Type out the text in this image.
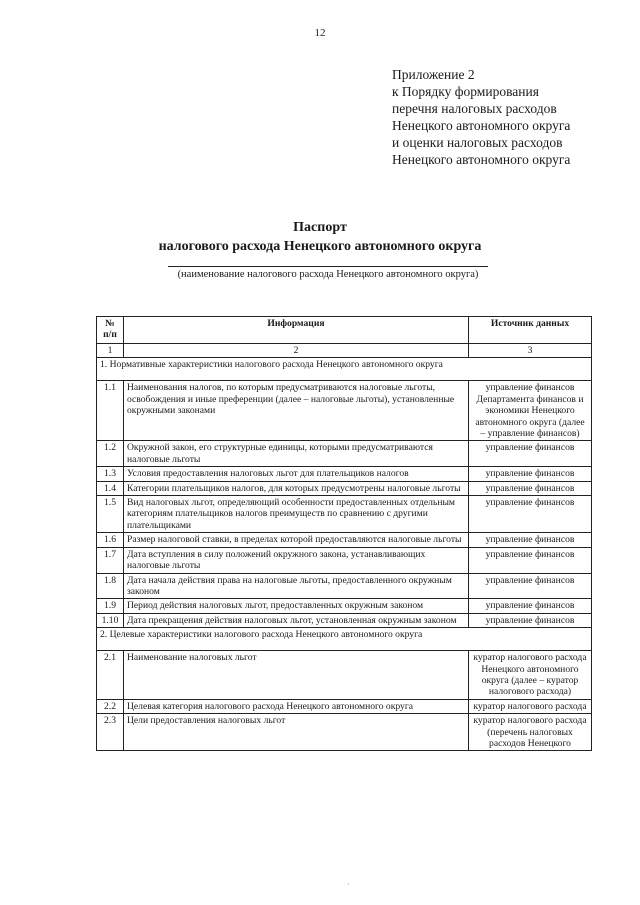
12
Приложение 2
к Порядку формирования
перечня налоговых расходов
Ненецкого автономного округа
и оценки налоговых расходов
Ненецкого автономного округа
Паспорт
налогового расхода Ненецкого автономного округа
(наименование налогового расхода Ненецкого автономного округа)
№
п/п	Информация	Источник данных
1	2	3
1. Нормативные характеристики налогового расхода Ненецкого автономного округа		
1.1	Наименования налогов, по которым предусматриваются налоговые льготы, освобождения и иные преференции (далее – налоговые льготы), установленные окружными законами	управление финансов Департамента финансов и экономики Ненецкого автономного округа (далее – управление финансов)
1.2	Окружной закон, его структурные единицы, которыми предусматриваются налоговые льготы	управление финансов
1.3	Условия предоставления налоговых льгот для плательщиков налогов	управление финансов
1.4	Категории плательщиков налогов, для которых предусмотрены налоговые льготы	управление финансов
1.5	Вид налоговых льгот, определяющий особенности предоставленных отдельным категориям плательщиков налогов преимуществ по сравнению с другими плательщиками	управление финансов
1.6	Размер налоговой ставки, в пределах которой предоставляются налоговые льготы	управление финансов
1.7	Дата вступления в силу положений окружного закона, устанавливающих налоговые льготы	управление финансов
1.8	Дата начала действия права на налоговые льготы, предоставленного окружным законом	управление финансов
1.9	Период действия налоговых льгот, предоставленных окружным законом	управление финансов
1.10	Дата прекращения действия налоговых льгот, установленная окружным законом	управление финансов
2. Целевые характеристики налогового расхода Ненецкого автономного округа		
2.1	Наименование налоговых льгот	куратор налогового расхода Ненецкого автономного округа (далее – куратор налогового расхода)
2.2	Целевая категория налогового расхода Ненецкого автономного округа	куратор налогового расхода
2.3	Цели предоставления налоговых льгот	куратор налогового расхода (перечень налоговых расходов Ненецкого
·
